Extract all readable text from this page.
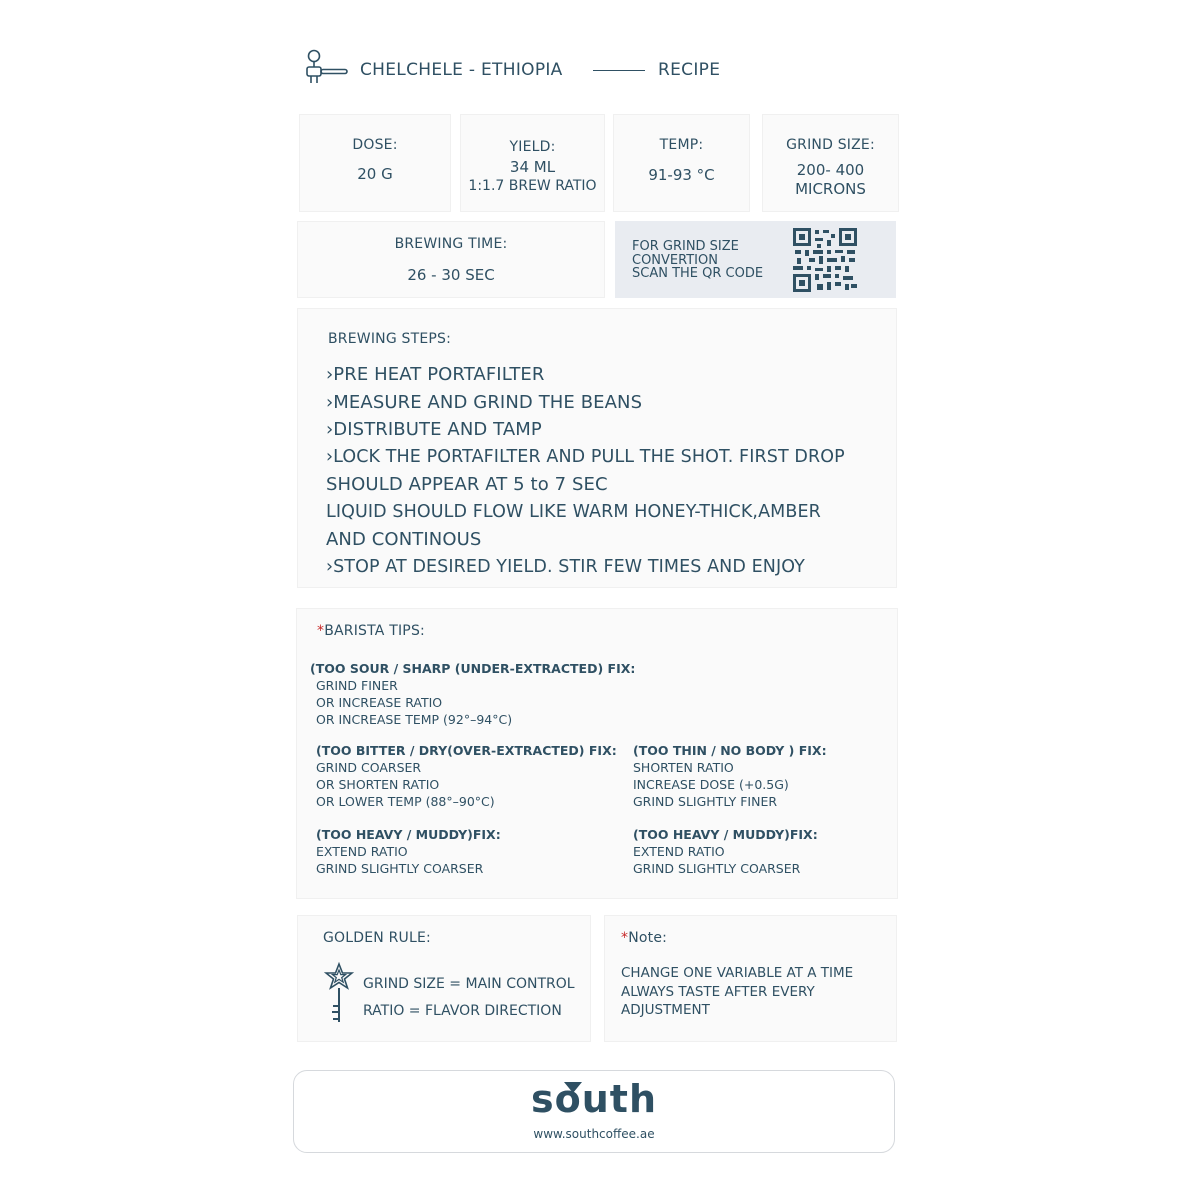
CHELCHELE - ETHIOPIA	RECIPE
DOSE:
20 G
YIELD:
34 ML
1:1.7 BREW RATIO
TEMP:
91-93 °C
GRIND SIZE:
200- 400
MICRONS
BREWING TIME:
26 - 30 SEC
FOR GRIND SIZE
CONVERTION
SCAN THE QR CODE
BREWING STEPS:
›PRE HEAT PORTAFILTER
›MEASURE AND GRIND THE BEANS
›DISTRIBUTE AND TAMP
›LOCK THE PORTAFILTER AND PULL THE SHOT. FIRST DROP
SHOULD APPEAR AT 5 to 7 SEC
LIQUID SHOULD FLOW LIKE WARM HONEY-THICK,AMBER
AND CONTINOUS
›STOP AT DESIRED YIELD. STIR FEW TIMES AND ENJOY
*BARISTA TIPS:
(TOO SOUR / SHARP (UNDER-EXTRACTED) FIX:
GRIND FINER
OR INCREASE RATIO
OR INCREASE TEMP (92°–94°C)
(TOO BITTER / DRY(OVER-EXTRACTED) FIX:
GRIND COARSER
OR SHORTEN RATIO
OR LOWER TEMP (88°–90°C)
(TOO THIN / NO BODY ) FIX:
SHORTEN RATIO
INCREASE DOSE (+0.5G)
GRIND SLIGHTLY FINER
(TOO HEAVY / MUDDY)FIX:
EXTEND RATIO
GRIND SLIGHTLY COARSER
(TOO HEAVY / MUDDY)FIX:
EXTEND RATIO
GRIND SLIGHTLY COARSER
GOLDEN RULE:
GRIND SIZE = MAIN CONTROL
RATIO = FLAVOR DIRECTION
*Note:
CHANGE ONE VARIABLE AT A TIME
ALWAYS TASTE AFTER EVERY
ADJUSTMENT
south
www.southcoffee.ae
